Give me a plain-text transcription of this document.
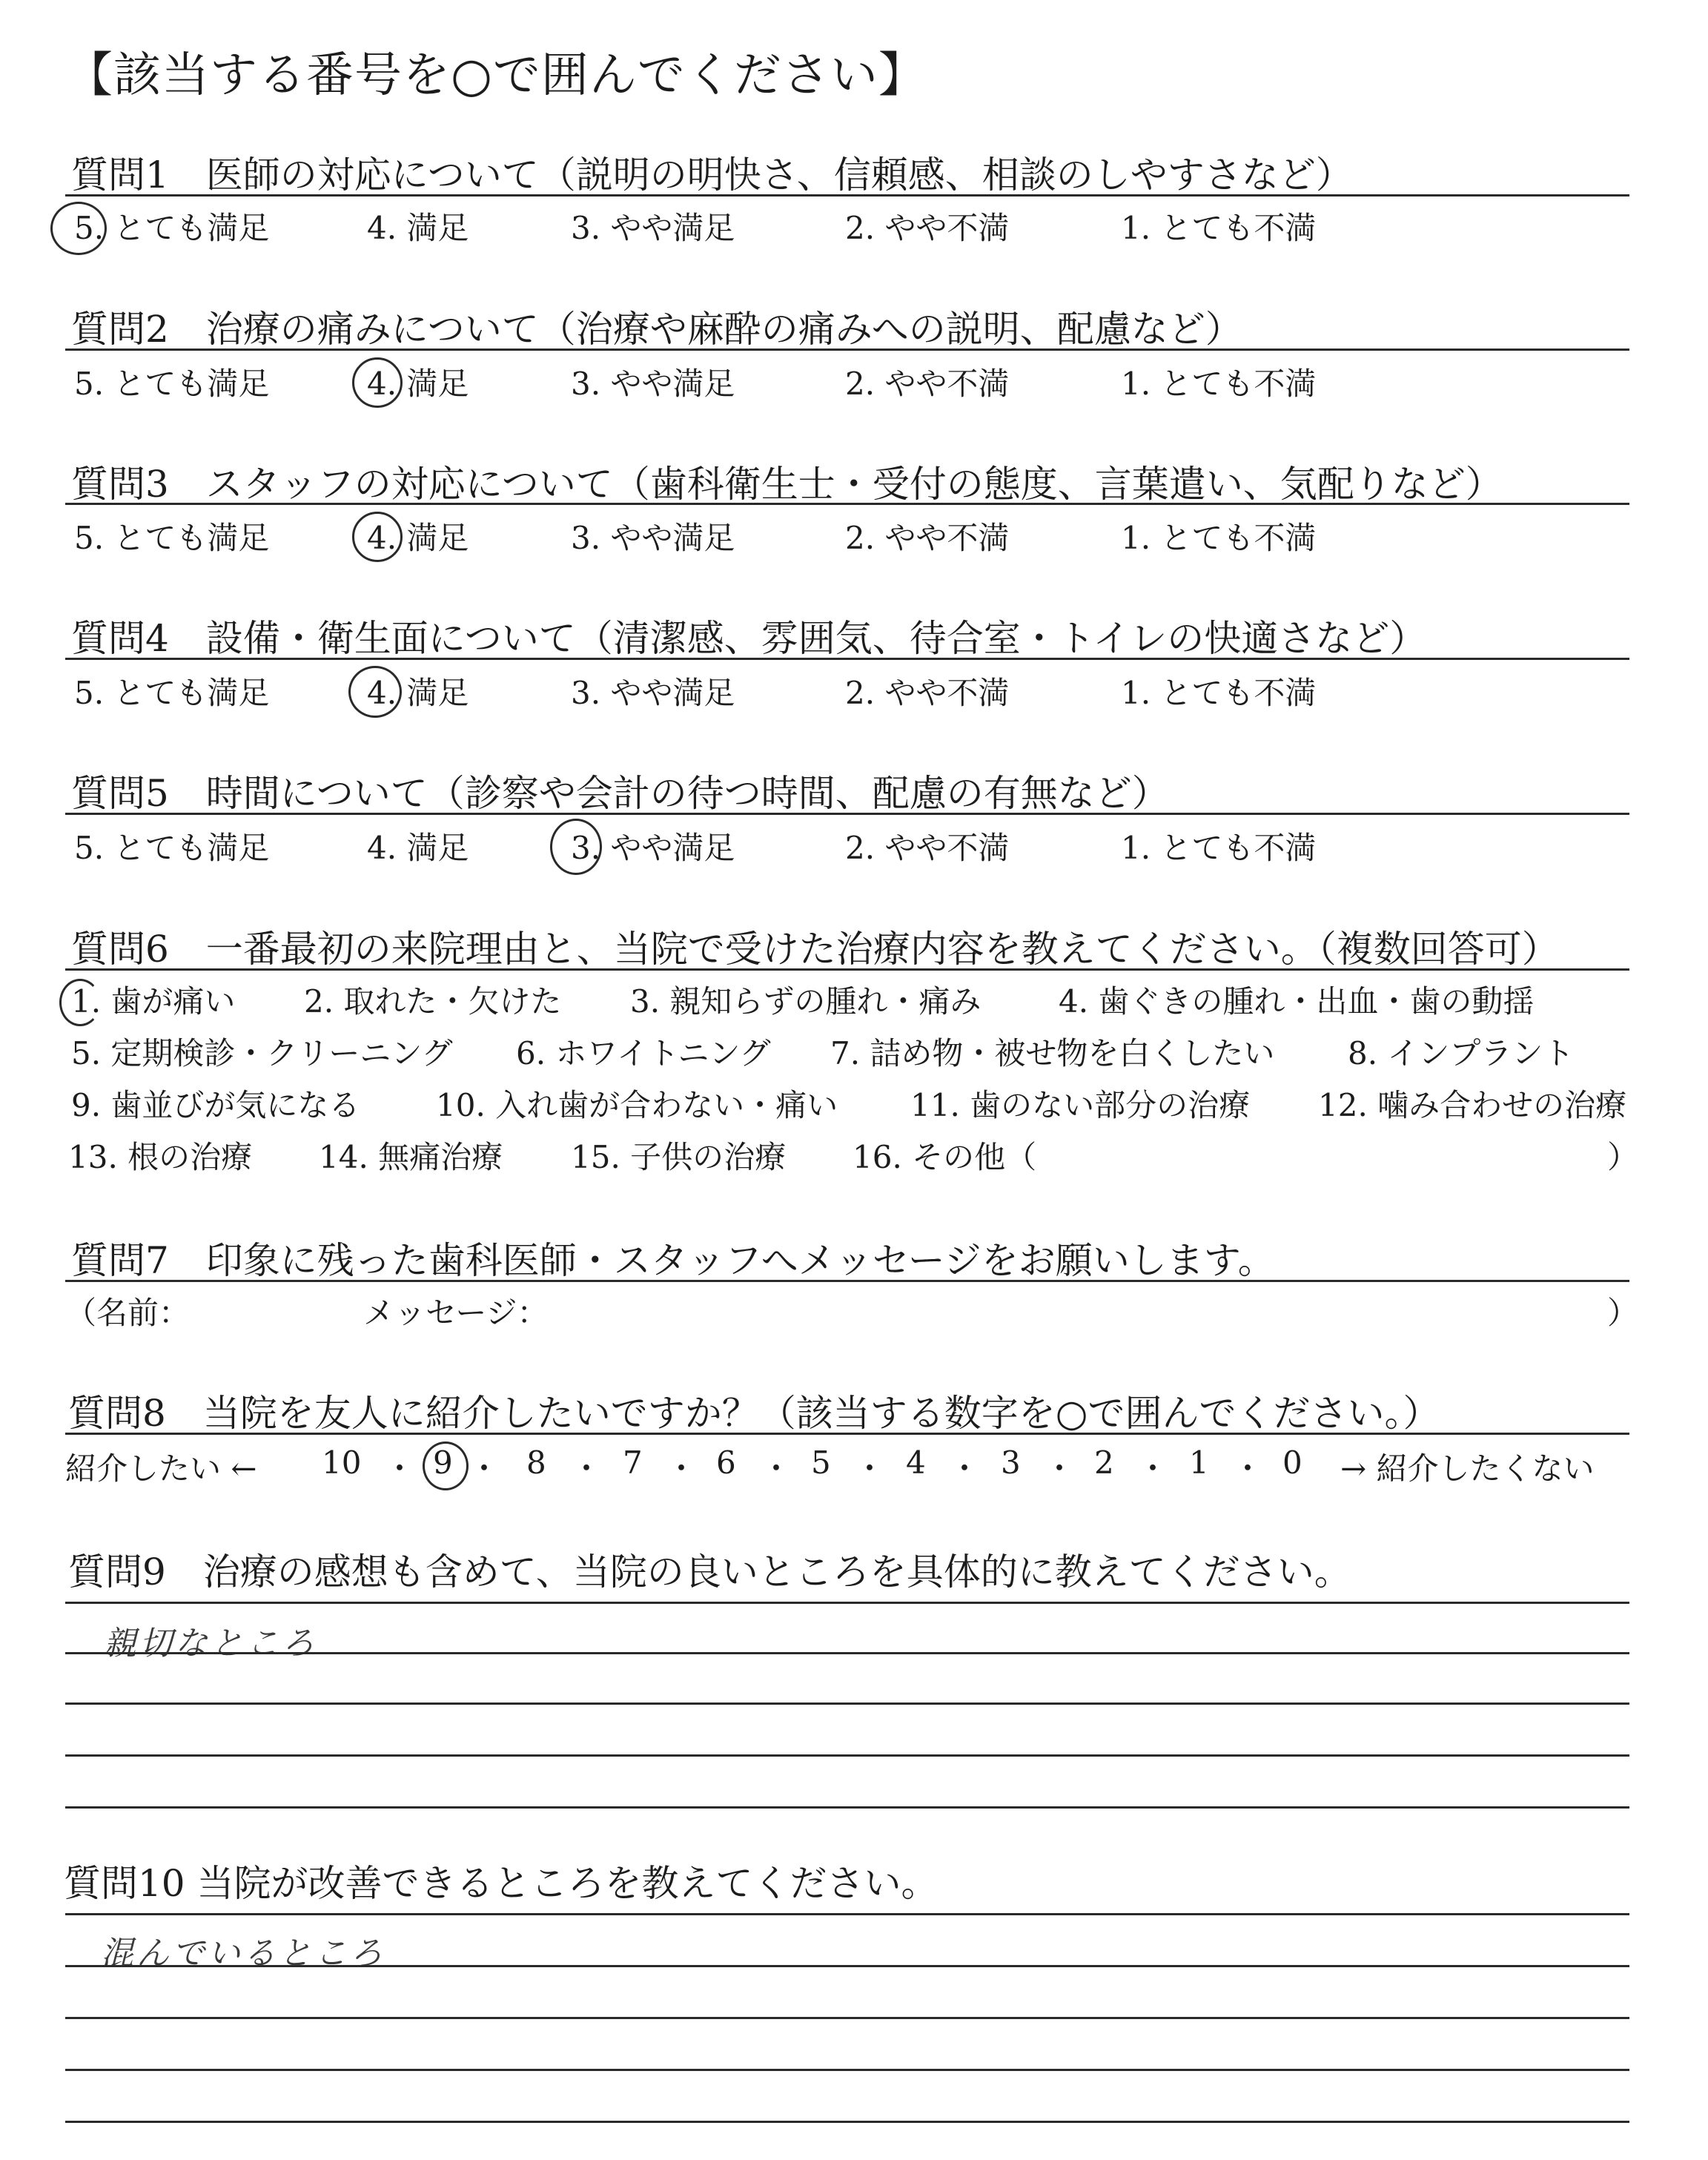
【該当する番号を○で囲んでください】
質問1　医師の対応について（説明の明快さ、信頼感、相談のしやすさなど）
5. とても満足	4. 満足	3. やや満足	2. やや不満	1. とても不満
質問2　治療の痛みについて（治療や麻酔の痛みへの説明、配慮など）
5. とても満足	4. 満足	3. やや満足	2. やや不満	1. とても不満
質問3　スタッフの対応について（歯科衛生士・受付の態度、言葉遣い、気配りなど）
5. とても満足	4. 満足	3. やや満足	2. やや不満	1. とても不満
質問4　設備・衛生面について（清潔感、雰囲気、待合室・トイレの快適さなど）
5. とても満足	4. 満足	3. やや満足	2. やや不満	1. とても不満
質問5　時間について（診察や会計の待つ時間、配慮の有無など）
5. とても満足	4. 満足	3. やや満足	2. やや不満	1. とても不満
質問6　一番最初の来院理由と、当院で受けた治療内容を教えてください。（複数回答可）
1. 歯が痛い 2. 取れた・欠けた 3. 親知らずの腫れ・痛み 4. 歯ぐきの腫れ・出血・歯の動揺
5. 定期検診・クリーニング 6. ホワイトニング 7. 詰め物・被せ物を白くしたい 8. インプラント
9. 歯並びが気になる 10. 入れ歯が合わない・痛い 11. 歯のない部分の治療 12. 噛み合わせの治療
13. 根の治療 14. 無痛治療 15. 子供の治療 16. その他（	）
質問7　印象に残った歯科医師・スタッフへメッセージをお願いします。
（名前：	メッセージ：	）
質問8　当院を友人に紹介したいですか？（該当する数字を○で囲んでください。）
紹介したい ← 10 ・ 9 ・ 8 ・ 7 ・ 6 ・ 5 ・ 4 ・ 3 ・ 2 ・ 1 ・ 0 → 紹介したくない
質問9　治療の感想も含めて、当院の良いところを具体的に教えてください。
親切なところ
質問10 当院が改善できるところを教えてください。
混んでいるところ
